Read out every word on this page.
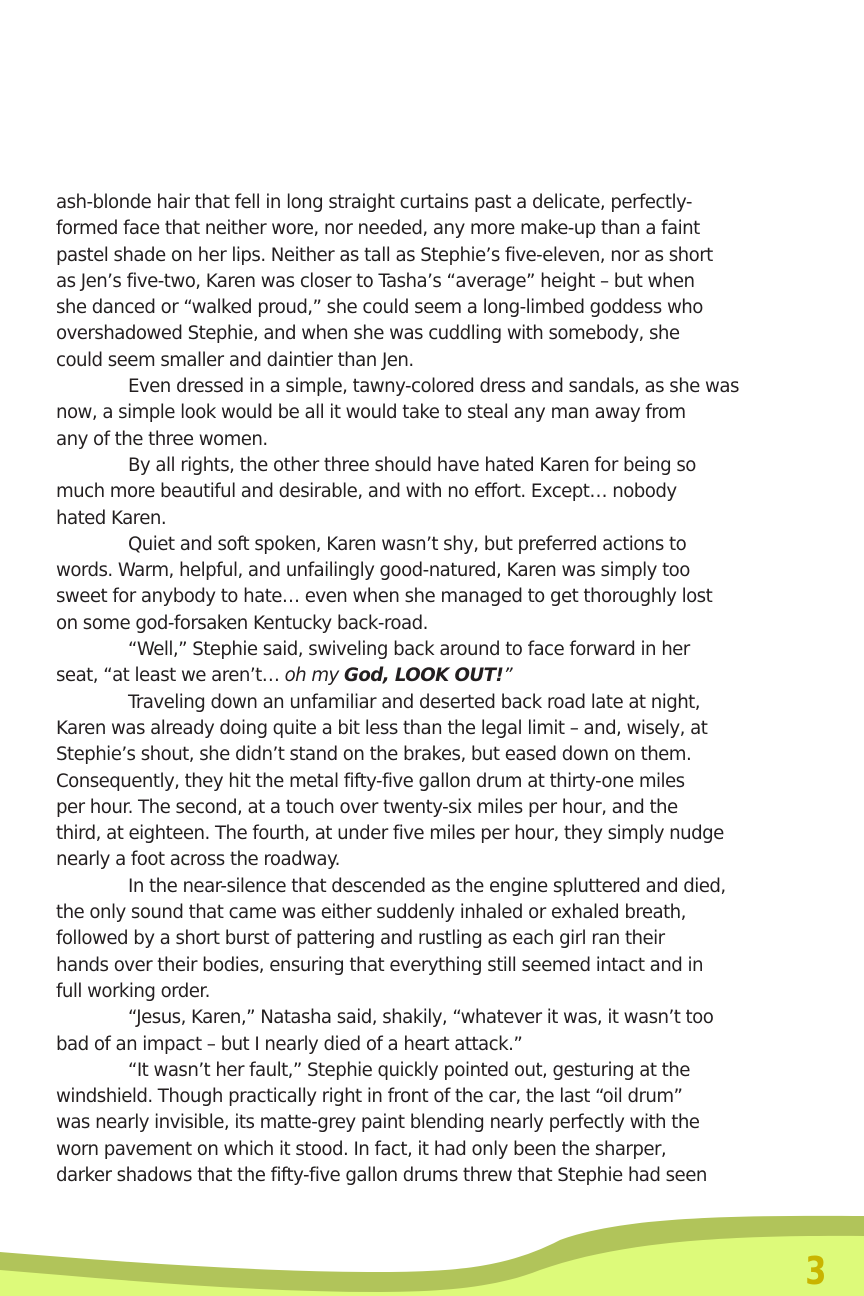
ash-blonde hair that fell in long straight curtains past a delicate, perfectly-
formed face that neither wore, nor needed, any more make-up than a faint
pastel shade on her lips. Neither as tall as Stephie’s five-eleven, nor as short
as Jen’s five-two, Karen was closer to Tasha’s “average” height – but when
she danced or “walked proud,” she could seem a long-limbed goddess who
overshadowed Stephie, and when she was cuddling with somebody, she
could seem smaller and daintier than Jen.

Even dressed in a simple, tawny-colored dress and sandals, as she was
now, a simple look would be all it would take to steal any man away from
any of the three women.

By all rights, the other three should have hated Karen for being so
much more beautiful and desirable, and with no effort. Except… nobody
hated Karen.

Quiet and soft spoken, Karen wasn’t shy, but preferred actions to
words. Warm, helpful, and unfailingly good-natured, Karen was simply too
sweet for anybody to hate… even when she managed to get thoroughly lost
on some god-forsaken Kentucky back-road.

“Well,” Stephie said, swiveling back around to face forward in her
seat, “at least we aren’t… oh my God, LOOK OUT!”

Traveling down an unfamiliar and deserted back road late at night,
Karen was already doing quite a bit less than the legal limit – and, wisely, at
Stephie’s shout, she didn’t stand on the brakes, but eased down on them.
Consequently, they hit the metal fifty-five gallon drum at thirty-one miles
per hour. The second, at a touch over twenty-six miles per hour, and the
third, at eighteen. The fourth, at under five miles per hour, they simply nudge
nearly a foot across the roadway.

In the near-silence that descended as the engine spluttered and died,
the only sound that came was either suddenly inhaled or exhaled breath,
followed by a short burst of pattering and rustling as each girl ran their
hands over their bodies, ensuring that everything still seemed intact and in
full working order.

“Jesus, Karen,” Natasha said, shakily, “whatever it was, it wasn’t too
bad of an impact – but I nearly died of a heart attack.”

“It wasn’t her fault,” Stephie quickly pointed out, gesturing at the
windshield. Though practically right in front of the car, the last “oil drum”
was nearly invisible, its matte-grey paint blending nearly perfectly with the
worn pavement on which it stood. In fact, it had only been the sharper,
darker shadows that the fifty-five gallon drums threw that Stephie had seen

3
